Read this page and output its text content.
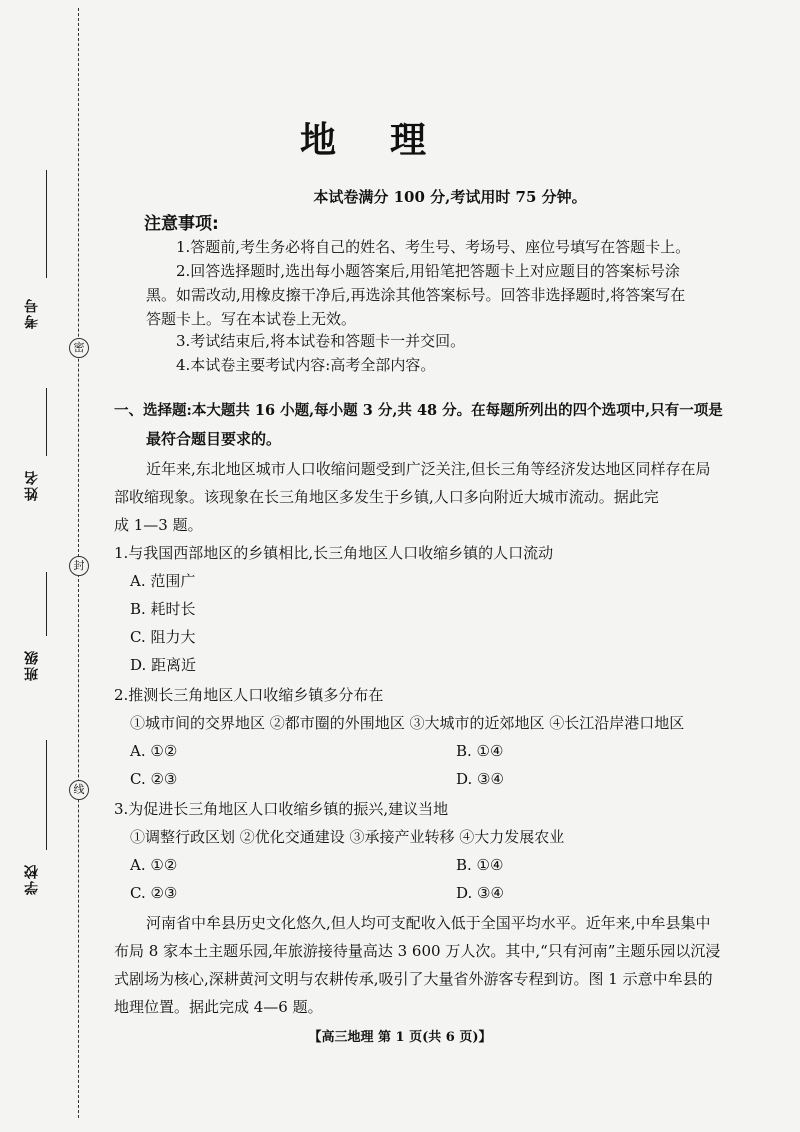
密
封
线
考号
姓名
班级
学校
地理
本试卷满分 100 分,考试用时 75 分钟。
注意事项:
1.答题前,考生务必将自己的姓名、考生号、考场号、座位号填写在答题卡上。
2.回答选择题时,选出每小题答案后,用铅笔把答题卡上对应题目的答案标号涂
黑。如需改动,用橡皮擦干净后,再选涂其他答案标号。回答非选择题时,将答案写在
答题卡上。写在本试卷上无效。
3.考试结束后,将本试卷和答题卡一并交回。
4.本试卷主要考试内容:高考全部内容。
一、选择题:本大题共 16 小题,每小题 3 分,共 48 分。在每题所列出的四个选项中,只有一项是
最符合题目要求的。
近年来,东北地区城市人口收缩问题受到广泛关注,但长三角等经济发达地区同样存在局
部收缩现象。该现象在长三角地区多发生于乡镇,人口多向附近大城市流动。据此完
成 1—3 题。
1.与我国西部地区的乡镇相比,长三角地区人口收缩乡镇的人口流动
A. 范围广
B. 耗时长
C. 阻力大
D. 距离近
2.推测长三角地区人口收缩乡镇多分布在
①城市间的交界地区 ②都市圈的外围地区 ③大城市的近郊地区 ④长江沿岸港口地区
A. ①②	B. ①④
C. ②③	D. ③④
3.为促进长三角地区人口收缩乡镇的振兴,建议当地
①调整行政区划 ②优化交通建设 ③承接产业转移 ④大力发展农业
A. ①②	B. ①④
C. ②③	D. ③④
河南省中牟县历史文化悠久,但人均可支配收入低于全国平均水平。近年来,中牟县集中
布局 8 家本土主题乐园,年旅游接待量高达 3 600 万人次。其中,“只有河南”主题乐园以沉浸
式剧场为核心,深耕黄河文明与农耕传承,吸引了大量省外游客专程到访。图 1 示意中牟县的
地理位置。据此完成 4—6 题。
【高三地理 第 1 页(共 6 页)】
